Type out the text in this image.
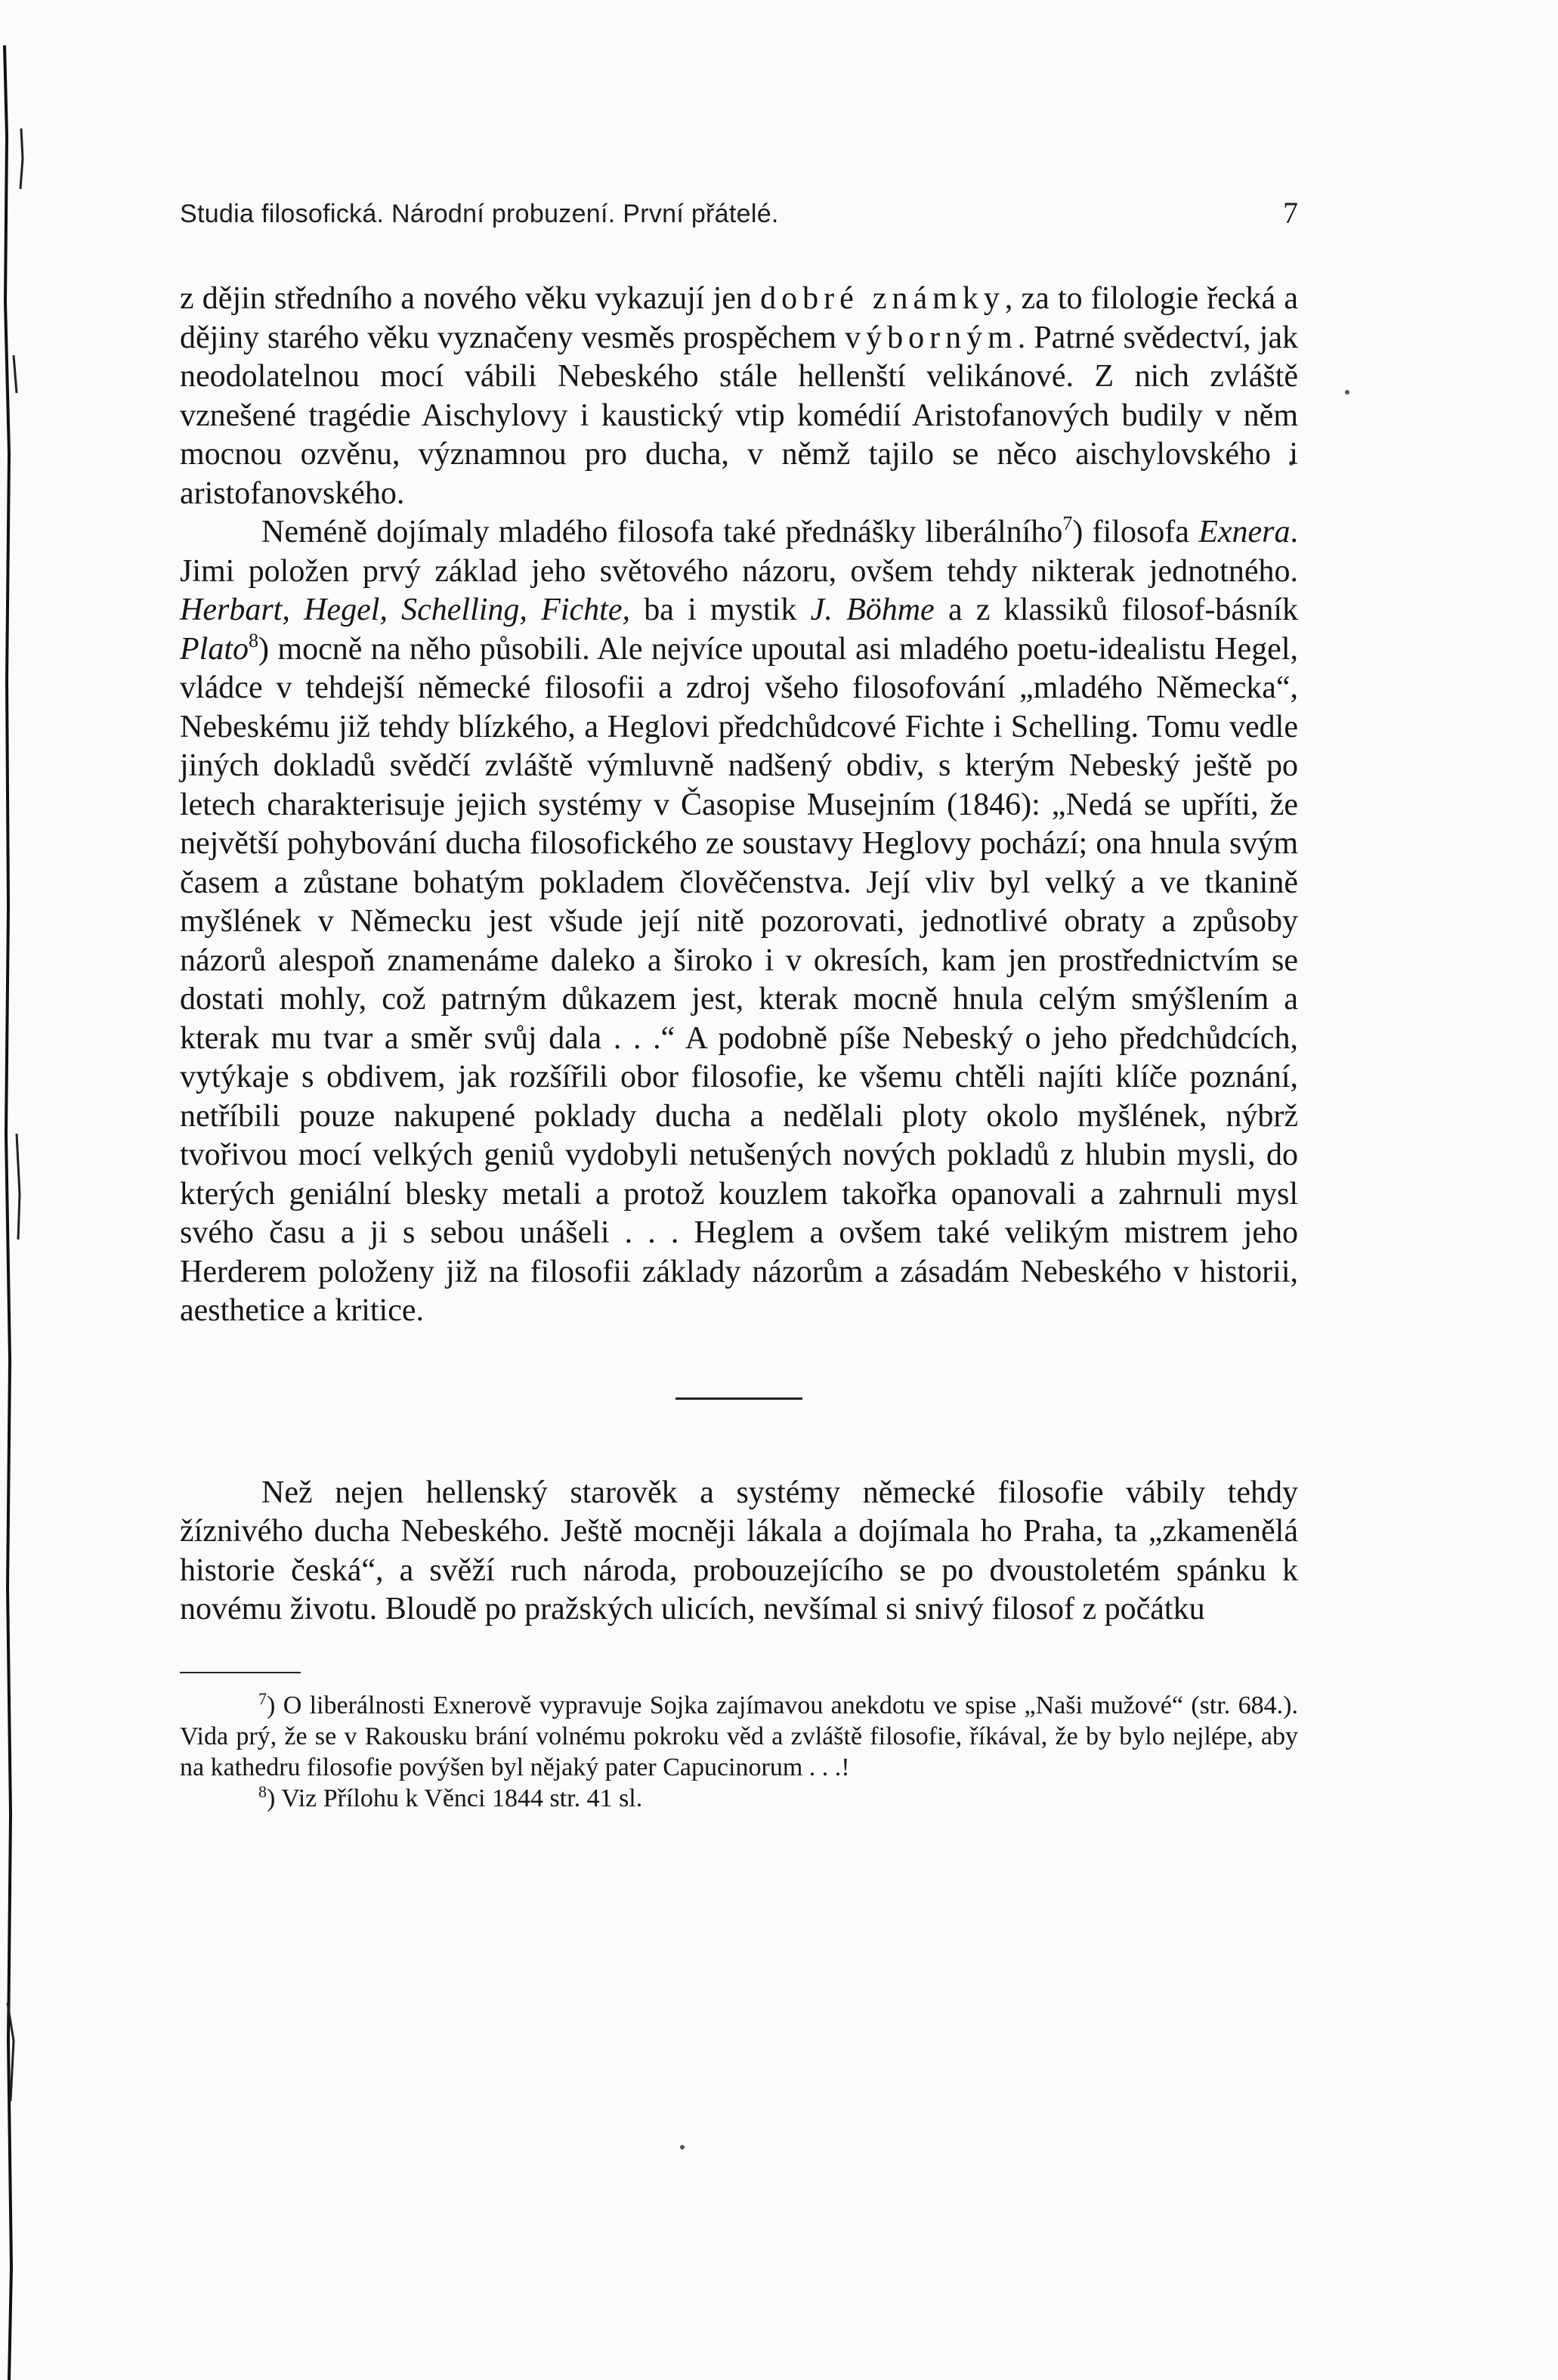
Studia filosofická. Národní probuzení. První přátelé.	7

z dějin středního a nového věku vykazují jen dobré známky, za to filologie řecká a dějiny starého věku vyznačeny vesměs prospěchem výborným. Patrné svědectví, jak neodolatelnou mocí vábili Nebeského stále hellenští velikánové. Z nich zvláště vznešené tragédie Aischylovy i kaustický vtip komédií Aristofanových budily v něm mocnou ozvěnu, významnou pro ducha, v němž tajilo se něco aischylovského i aristofanovského.

Neméně dojímaly mladého filosofa také přednášky liberálního$^7$) filosofa Exnera. Jimi položen prvý základ jeho světového názoru, ovšem tehdy nikterak jednotného. Herbart, Hegel, Schelling, Fichte, ba i mystik J. Böhme a z klassiků filosof-básník Plato$^8$) mocně na něho působili. Ale nejvíce upoutal asi mladého poetu-idealistu Hegel, vládce v tehdejší německé filosofii a zdroj všeho filosofování „mladého Německa“, Nebeskému již tehdy blízkého, a Heglovi předchůdcové Fichte i Schelling. Tomu vedle jiných dokladů svědčí zvláště výmluvně nadšený obdiv, s kterým Nebeský ještě po letech charakterisuje jejich systémy v Časopise Musejním (1846): „Nedá se upříti, že největší pohybování ducha filosofického ze soustavy Heglovy pochází; ona hnula svým časem a zůstane bohatým pokladem člověčenstva. Její vliv byl velký a ve tkanině myšlének v Německu jest všude její nitě pozorovati, jednotlivé obraty a způsoby názorů alespoň znamenáme daleko a široko i v okresích, kam jen prostřednictvím se dostati mohly, což patrným důkazem jest, kterak mocně hnula celým smýšlením a kterak mu tvar a směr svůj dala . . .“ A podobně píše Nebeský o jeho předchůdcích, vytýkaje s obdivem, jak rozšířili obor filosofie, ke všemu chtěli najíti klíče poznání, netříbili pouze nakupené poklady ducha a nedělali ploty okolo myšlének, nýbrž tvořivou mocí velkých geniů vydobyli netušených nových pokladů z hlubin mysli, do kterých geniální blesky metali a protož kouzlem takořka opanovali a zahrnuli mysl svého času a ji s sebou unášeli . . . Heglem a ovšem také velikým mistrem jeho Herderem položeny již na filosofii základy názorům a zásadám Nebeského v historii, aesthetice a kritice.

Než nejen hellenský starověk a systémy německé filosofie vábily tehdy žíznivého ducha Nebeského. Ještě mocněji lákala a dojímala ho Praha, ta „zkamenělá historie česká“, a svěží ruch národa, probouzejícího se po dvoustoletém spánku k novému životu. Bloudě po pražských ulicích, nevšímal si snivý filosof z počátku

$^7$) O liberálnosti Exnerově vypravuje Sojka zajímavou anekdotu ve spise „Naši mužové“ (str. 684.). Vida prý, že se v Rakousku brání volnému pokroku věd a zvláště filosofie, říkával, že by bylo nejlépe, aby na kathedru filosofie povýšen byl nějaký pater Capucinorum . . .!

$^8$) Viz Přílohu k Věnci 1844 str. 41 sl.
